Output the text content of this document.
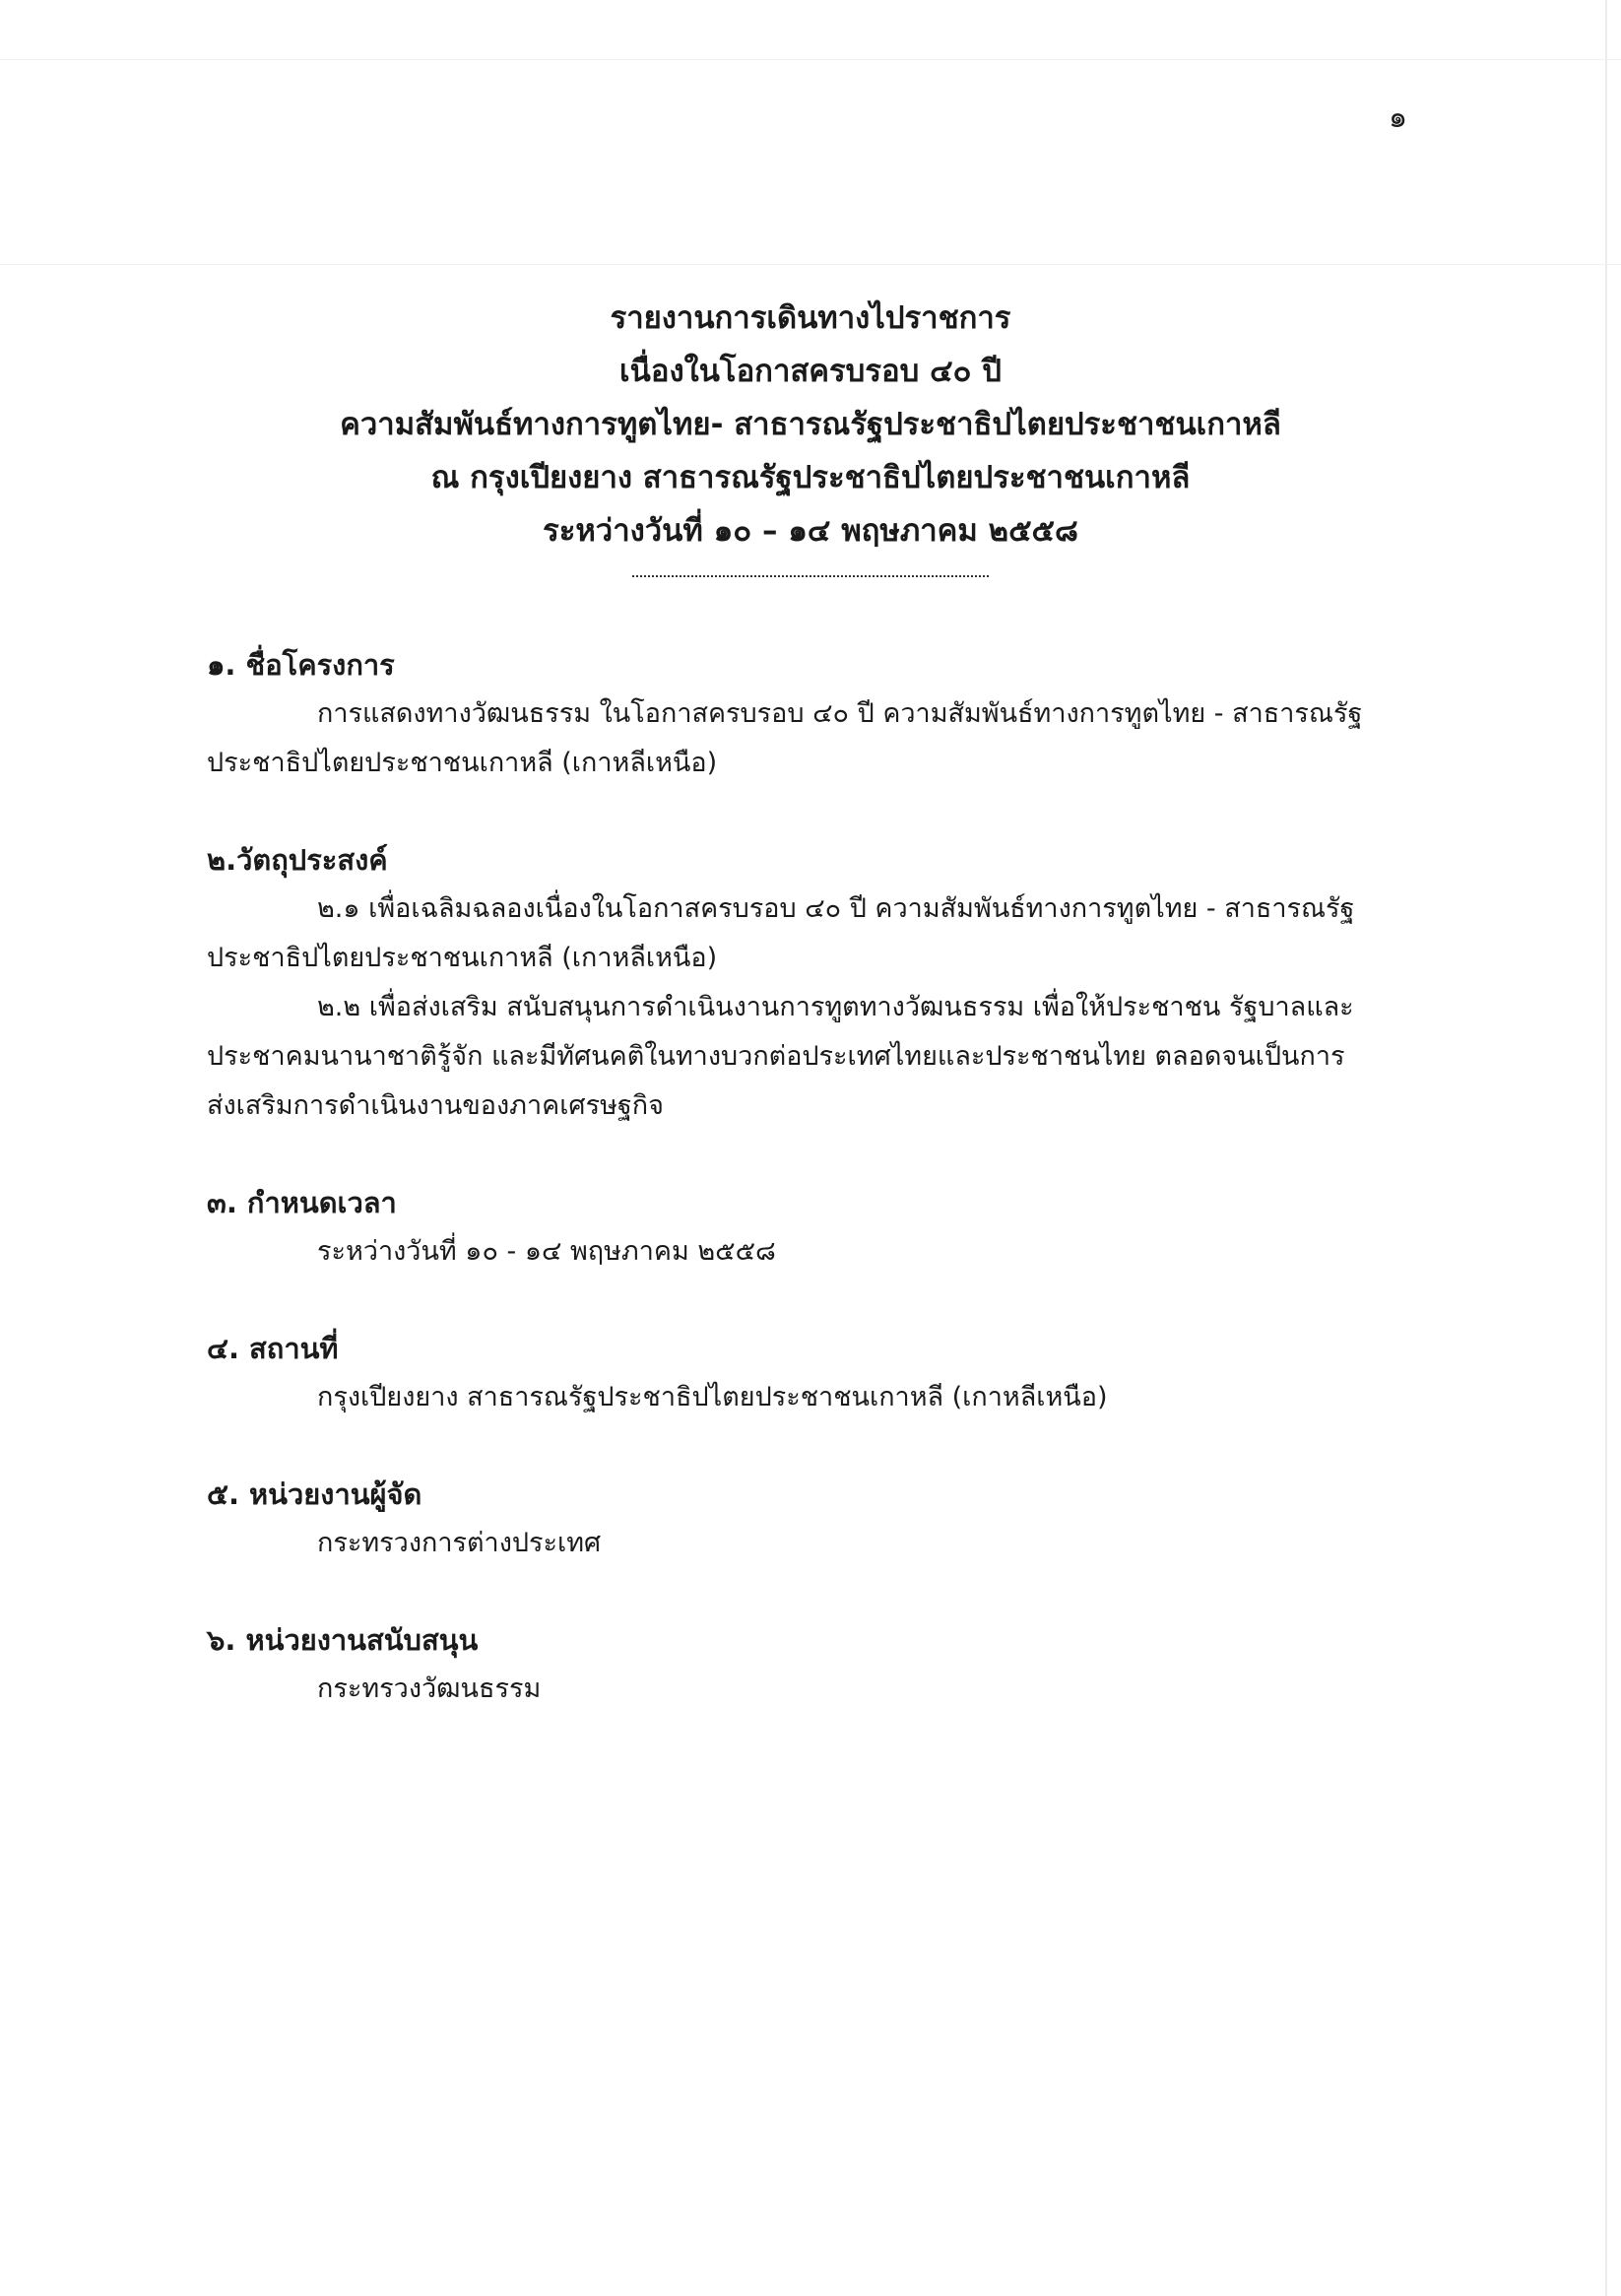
๑
รายงานการเดินทางไปราชการ
เนื่องในโอกาสครบรอบ ๔๐ ปี
ความสัมพันธ์ทางการทูตไทย- สาธารณรัฐประชาธิปไตยประชาชนเกาหลี
ณ กรุงเปียงยาง สาธารณรัฐประชาธิปไตยประชาชนเกาหลี
ระหว่างวันที่ ๑๐ – ๑๔ พฤษภาคม ๒๕๕๘
๑. ชื่อโครงการ

การแสดงทางวัฒนธรรม ในโอกาสครบรอบ ๔๐ ปี ความสัมพันธ์ทางการทูตไทย - สาธารณรัฐ

ประชาธิปไตยประชาชนเกาหลี (เกาหลีเหนือ)
๒.วัตถุประสงค์

๒.๑ เพื่อเฉลิมฉลองเนื่องในโอกาสครบรอบ ๔๐ ปี ความสัมพันธ์ทางการทูตไทย - สาธารณรัฐ

ประชาธิปไตยประชาชนเกาหลี (เกาหลีเหนือ)

๒.๒ เพื่อส่งเสริม สนับสนุนการดำเนินงานการทูตทางวัฒนธรรม เพื่อให้ประชาชน รัฐบาลและ

ประชาคมนานาชาติรู้จัก และมีทัศนคติในทางบวกต่อประเทศไทยและประชาชนไทย ตลอดจนเป็นการ
ส่งเสริมการดำเนินงานของภาคเศรษฐกิจ
๓. กำหนดเวลา
ระหว่างวันที่ ๑๐ - ๑๔ พฤษภาคม ๒๕๕๘
๔. สถานที่
กรุงเปียงยาง สาธารณรัฐประชาธิปไตยประชาชนเกาหลี (เกาหลีเหนือ)
๕. หน่วยงานผู้จัด
กระทรวงการต่างประเทศ
๖. หน่วยงานสนับสนุน
กระทรวงวัฒนธรรม
